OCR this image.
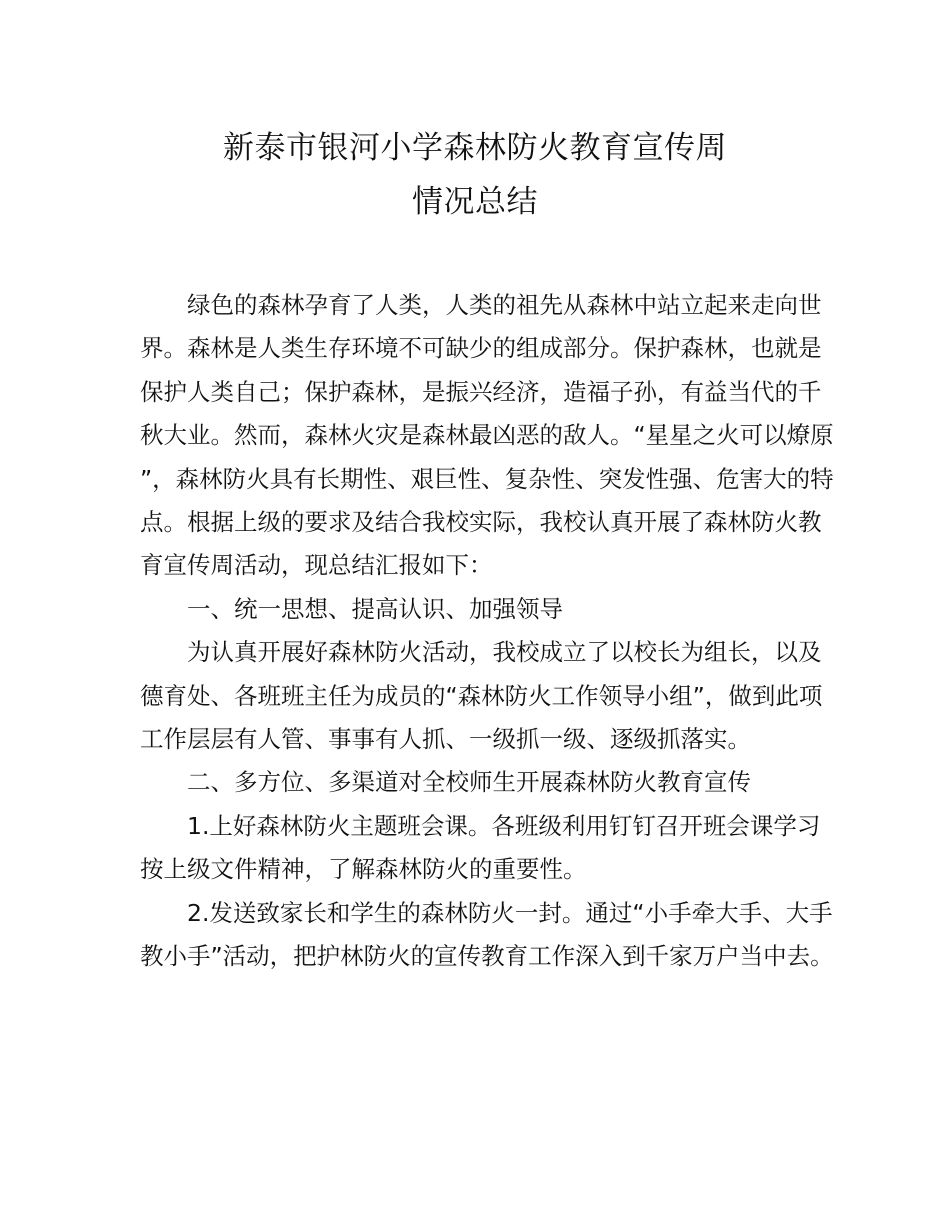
新泰市银河小学森林防火教育宣传周
情况总结

绿色的森林孕育了人类，人类的祖先从森林中站立起来走向世界。森林是人类生存环境不可缺少的组成部分。保护森林，也就是保护人类自己；保护森林，是振兴经济，造福子孙，有益当代的千秋大业。然而，森林火灾是森林最凶恶的敌人。“星星之火可以燎原”，森林防火具有长期性、艰巨性、复杂性、突发性强、危害大的特点。根据上级的要求及结合我校实际，我校认真开展了森林防火教育宣传周活动，现总结汇报如下：

一、统一思想、提高认识、加强领导

为认真开展好森林防火活动，我校成立了以校长为组长，以及德育处、各班班主任为成员的“森林防火工作领导小组”，做到此项工作层层有人管、事事有人抓、一级抓一级、逐级抓落实。

二、多方位、多渠道对全校师生开展森林防火教育宣传

1.上好森林防火主题班会课。各班级利用钉钉召开班会课学习按上级文件精神，了解森林防火的重要性。

2.发送致家长和学生的森林防火一封。通过“小手牵大手、大手教小手”活动，把护林防火的宣传教育工作深入到千家万户当中去。
